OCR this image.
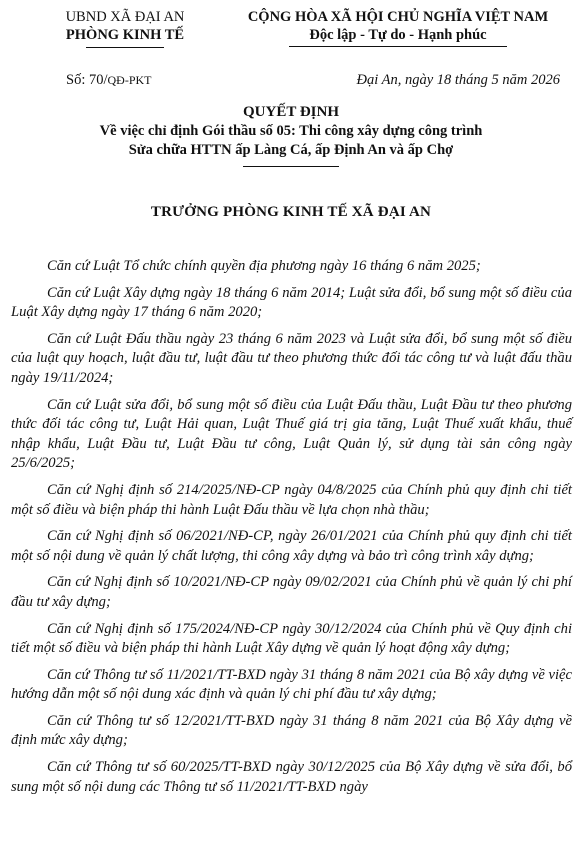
UBND XÃ ĐẠI AN
PHÒNG KINH TẾ
CỘNG HÒA XÃ HỘI CHỦ NGHĨA VIỆT NAM
Độc lập - Tự do - Hạnh phúc
Số: 70/QĐ-PKT	Đại An, ngày 18 tháng 5 năm 2026
QUYẾT ĐỊNH
Về việc chỉ định Gói thầu số 05: Thi công xây dựng công trình
Sửa chữa HTTN ấp Làng Cá, ấp Định An và ấp Chợ
TRƯỞNG PHÒNG KINH TẾ XÃ ĐẠI AN

Căn cứ Luật Tổ chức chính quyền địa phương ngày 16 tháng 6 năm 2025;

Căn cứ Luật Xây dựng ngày 18 tháng 6 năm 2014; Luật sửa đổi, bổ sung một số điều của Luật Xây dựng ngày 17 tháng 6 năm 2020;

Căn cứ Luật Đấu thầu ngày 23 tháng 6 năm 2023 và Luật sửa đổi, bổ sung một số điều của luật quy hoạch, luật đầu tư, luật đầu tư theo phương thức đối tác công tư và luật đấu thầu ngày 19/11/2024;

Căn cứ Luật sửa đổi, bổ sung một số điều của Luật Đấu thầu, Luật Đầu tư theo phương thức đối tác công tư, Luật Hải quan, Luật Thuế giá trị gia tăng, Luật Thuế xuất khẩu, thuế nhập khẩu, Luật Đầu tư, Luật Đầu tư công, Luật Quản lý, sử dụng tài sản công ngày 25/6/2025;

Căn cứ Nghị định số 214/2025/NĐ-CP ngày 04/8/2025 của Chính phủ quy định chi tiết một số điều và biện pháp thi hành Luật Đấu thầu về lựa chọn nhà thầu;

Căn cứ Nghị định số 06/2021/NĐ-CP, ngày 26/01/2021 của Chính phủ quy định chi tiết một số nội dung về quản lý chất lượng, thi công xây dựng và bảo trì công trình xây dựng;

Căn cứ Nghị định số 10/2021/NĐ-CP ngày 09/02/2021 của Chính phủ về quản lý chi phí đầu tư xây dựng;

Căn cứ Nghị định số 175/2024/NĐ-CP ngày 30/12/2024 của Chính phủ về Quy định chi tiết một số điều và biện pháp thi hành Luật Xây dựng về quản lý hoạt động xây dựng;

Căn cứ Thông tư số 11/2021/TT-BXD ngày 31 tháng 8 năm 2021 của Bộ xây dựng về việc hướng dẫn một số nội dung xác định và quản lý chi phí đầu tư xây dựng;

Căn cứ Thông tư số 12/2021/TT-BXD ngày 31 tháng 8 năm 2021 của Bộ Xây dựng về định mức xây dựng;

Căn cứ Thông tư số 60/2025/TT-BXD ngày 30/12/2025 của Bộ Xây dựng về sửa đổi, bổ sung một số nội dung các Thông tư số 11/2021/TT-BXD ngày
